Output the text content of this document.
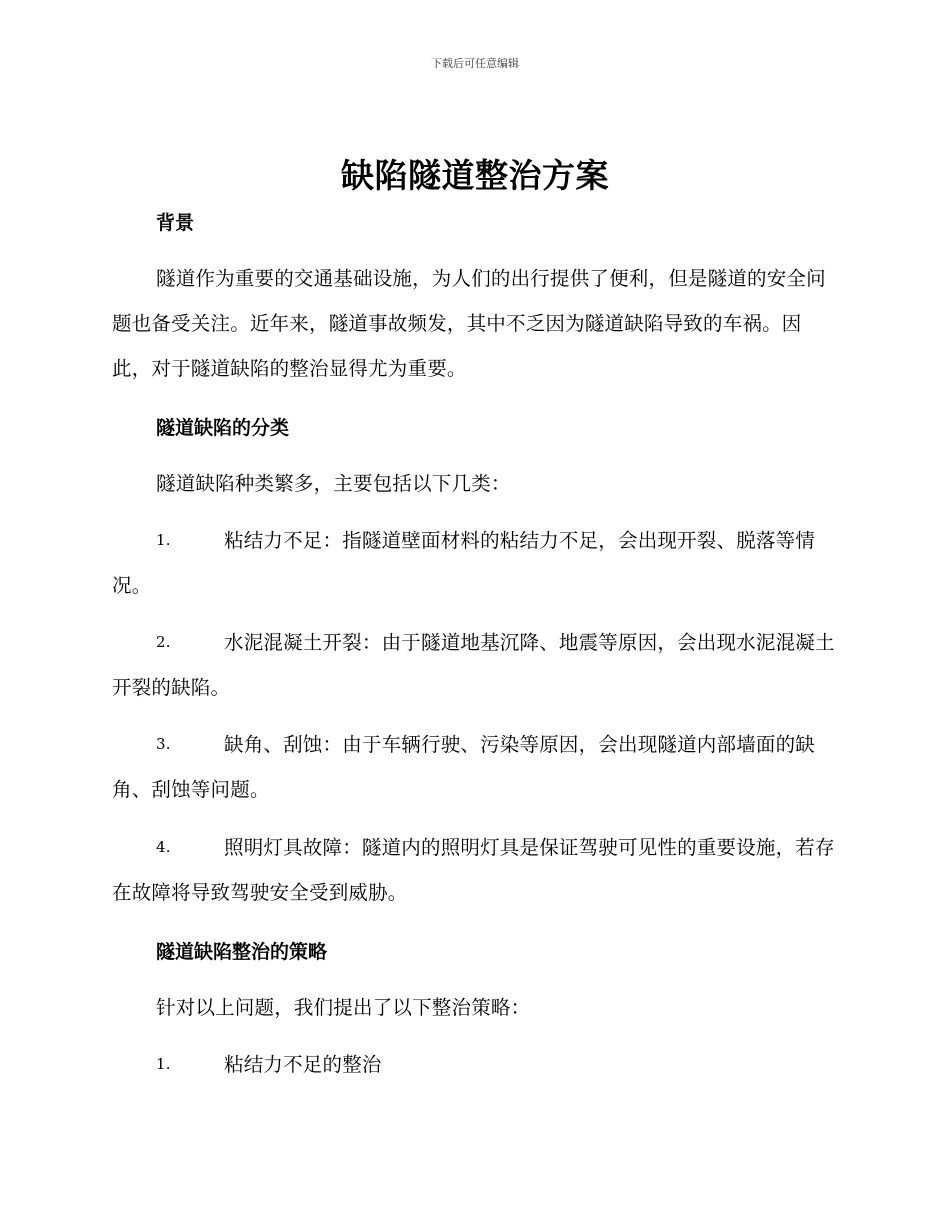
下载后可任意编辑
缺陷隧道整治方案
背景
隧道作为重要的交通基础设施，为人们的出行提供了便利，但是隧道的安全问题也备受关注。近年来，隧道事故频发，其中不乏因为隧道缺陷导致的车祸。因此，对于隧道缺陷的整治显得尤为重要。
隧道缺陷的分类
隧道缺陷种类繁多，主要包括以下几类：
1.	粘结力不足：指隧道壁面材料的粘结力不足，会出现开裂、脱落等情况。
2.	水泥混凝土开裂：由于隧道地基沉降、地震等原因，会出现水泥混凝土开裂的缺陷。
3.	缺角、刮蚀：由于车辆行驶、污染等原因，会出现隧道内部墙面的缺角、刮蚀等问题。
4.	照明灯具故障：隧道内的照明灯具是保证驾驶可见性的重要设施，若存在故障将导致驾驶安全受到威胁。
隧道缺陷整治的策略
针对以上问题，我们提出了以下整治策略：
1.	粘结力不足的整治
